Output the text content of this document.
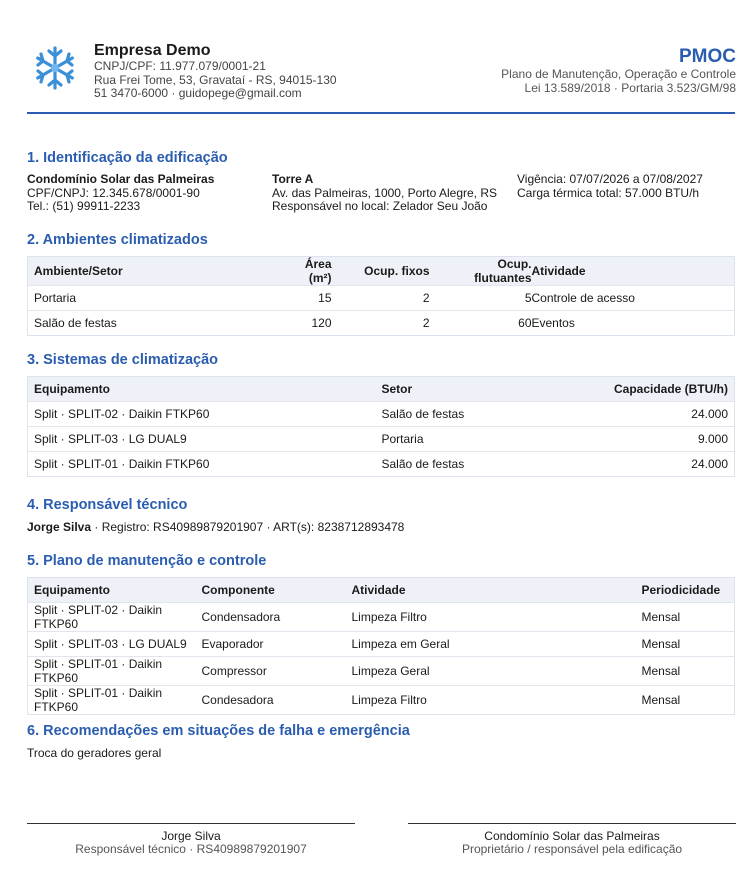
Empresa Demo
CNPJ/CPF: 11.977.079/0001-21
Rua Frei Tome, 53, Gravataí - RS, 94015-130
51 3470-6000 · guidopege@gmail.com
PMOC
Plano de Manutenção, Operação e Controle
Lei 13.589/2018 · Portaria 3.523/GM/98
1. Identificação da edificação
Condomínio Solar das Palmeiras
CPF/CNPJ: 12.345.678/0001-90
Tel.: (51) 99911-2233
Torre A
Av. das Palmeiras, 1000, Porto Alegre, RS
Responsável no local: Zelador Seu João
Vigência: 07/07/2026 a 07/08/2027
Carga térmica total: 57.000 BTU/h
2. Ambientes climatizados
Ambiente/Setor	Área (m²)	Ocup. fixos	Ocup. flutuantes	Atividade
Portaria	15	2	5	Controle de acesso
Salão de festas	120	2	60	Eventos
3. Sistemas de climatização
Equipamento	Setor	Capacidade (BTU/h)
Split · SPLIT-02 · Daikin FTKP60	Salão de festas	24.000
Split · SPLIT-03 · LG DUAL9	Portaria	9.000
Split · SPLIT-01 · Daikin FTKP60	Salão de festas	24.000
4. Responsável técnico
Jorge Silva · Registro: RS40989879201907 · ART(s): 8238712893478
5. Plano de manutenção e controle
Equipamento	Componente	Atividade	Periodicidade
Split · SPLIT-02 · Daikin FTKP60	Condensadora	Limpeza Filtro	Mensal
Split · SPLIT-03 · LG DUAL9	Evaporador	Limpeza em Geral	Mensal
Split · SPLIT-01 · Daikin FTKP60	Compressor	Limpeza Geral	Mensal
Split · SPLIT-01 · Daikin FTKP60	Condesadora	Limpeza Filtro	Mensal
6. Recomendações em situações de falha e emergência
Troca do geradores geral
Jorge Silva
Responsável técnico · RS40989879201907
Condomínio Solar das Palmeiras
Proprietário / responsável pela edificação
